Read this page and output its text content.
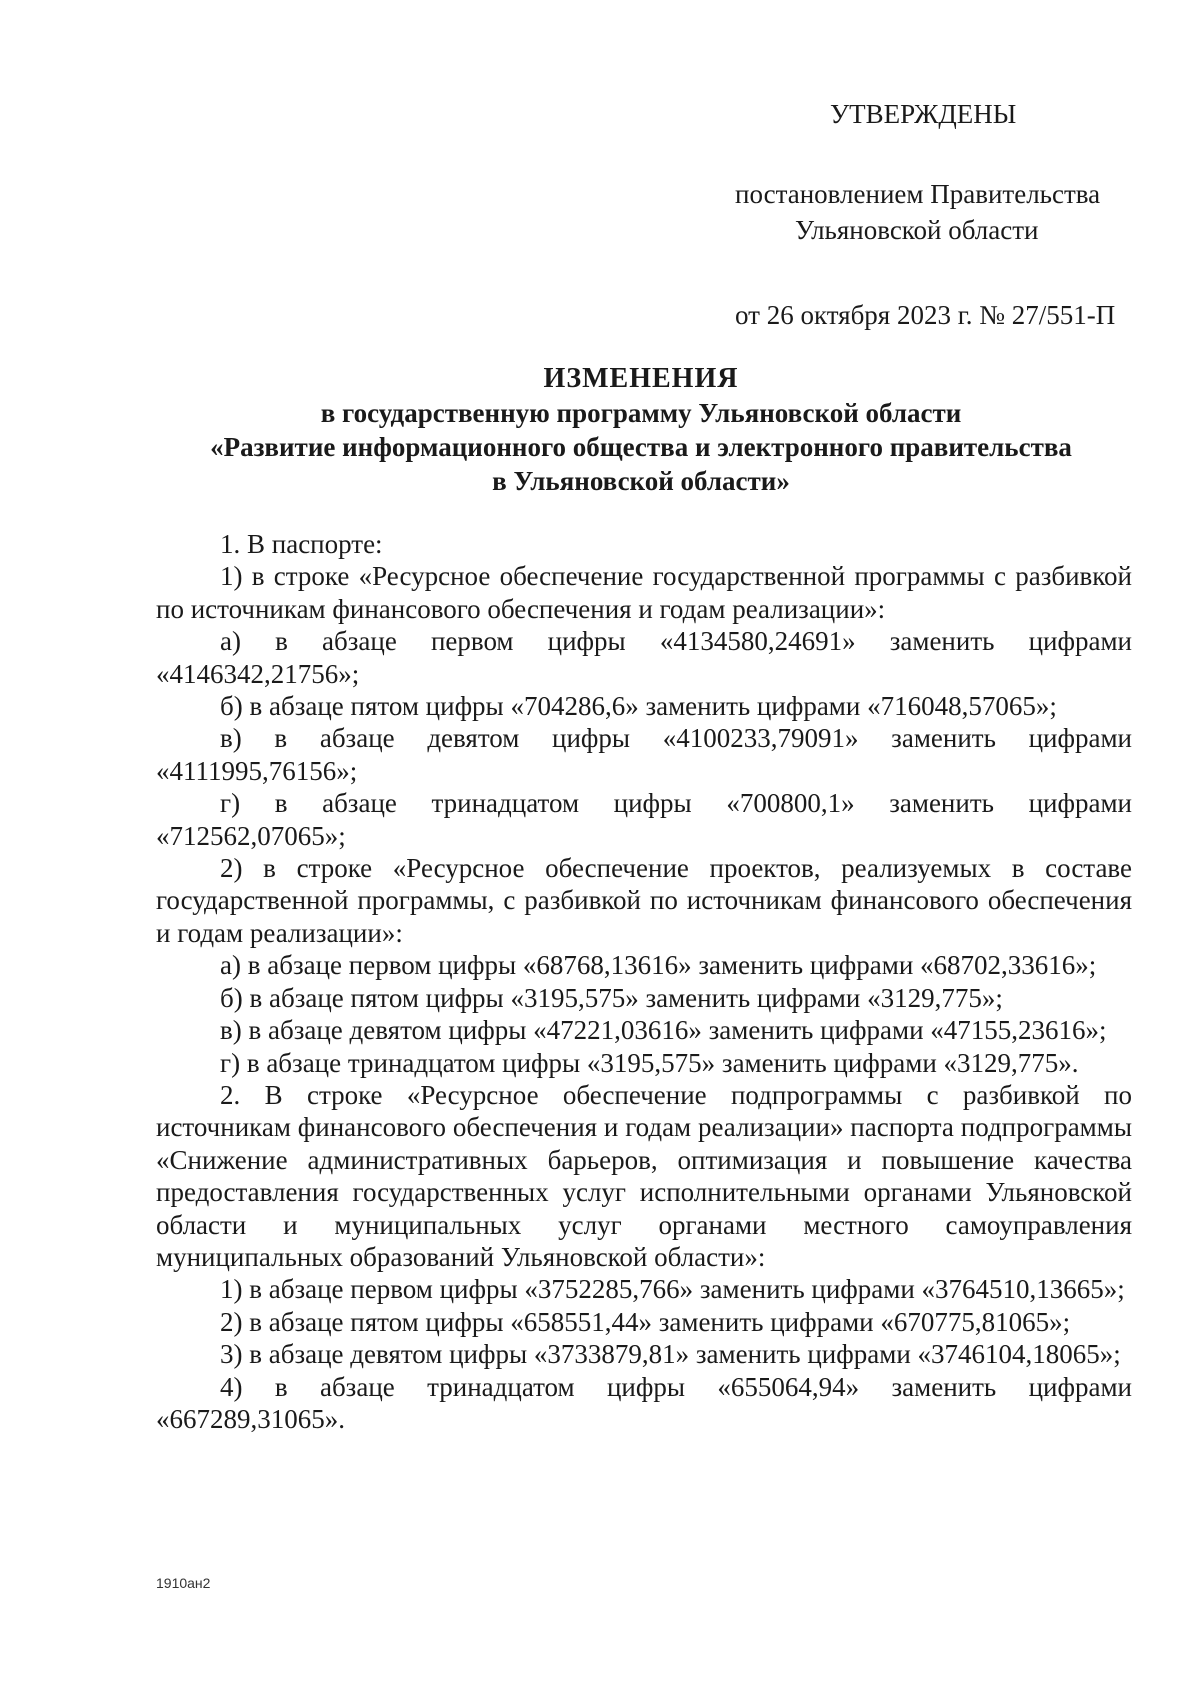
УТВЕРЖДЕНЫ
постановлением Правительства
Ульяновской области
от 26 октября 2023 г. № 27/551-П
ИЗМЕНЕНИЯ
в государственную программу Ульяновской области
«Развитие информационного общества и электронного правительства
в Ульяновской области»

1. В паспорте:

1) в строке «Ресурсное обеспечение государственной программы с разбивкой по источникам финансового обеспечения и годам реализации»:

а) в абзаце первом цифры «4134580,24691» заменить цифрами «4146342,21756»;

б) в абзаце пятом цифры «704286,6» заменить цифрами «716048,57065»;

в) в абзаце девятом цифры «4100233,79091» заменить цифрами «4111995,76156»;

г) в абзаце тринадцатом цифры «700800,1» заменить цифрами «712562,07065»;

2) в строке «Ресурсное обеспечение проектов, реализуемых в составе государственной программы, с разбивкой по источникам финансового обеспечения и годам реализации»:

а) в абзаце первом цифры «68768,13616» заменить цифрами «68702,33616»;

б) в абзаце пятом цифры «3195,575» заменить цифрами «3129,775»;

в) в абзаце девятом цифры «47221,03616» заменить цифрами «47155,23616»;

г) в абзаце тринадцатом цифры «3195,575» заменить цифрами «3129,775».

2. В строке «Ресурсное обеспечение подпрограммы с разбивкой по источникам финансового обеспечения и годам реализации» паспорта подпрограммы «Снижение административных барьеров, оптимизация и повышение качества предоставления государственных услуг исполнительными органами Ульяновской области и муниципальных услуг органами местного самоуправления муниципальных образований Ульяновской области»:

1) в абзаце первом цифры «3752285,766» заменить цифрами «3764510,13665»;

2) в абзаце пятом цифры «658551,44» заменить цифрами «670775,81065»;

3) в абзаце девятом цифры «3733879,81» заменить цифрами «3746104,18065»;

4) в абзаце тринадцатом цифры «655064,94» заменить цифрами «667289,31065».

1910ан2
